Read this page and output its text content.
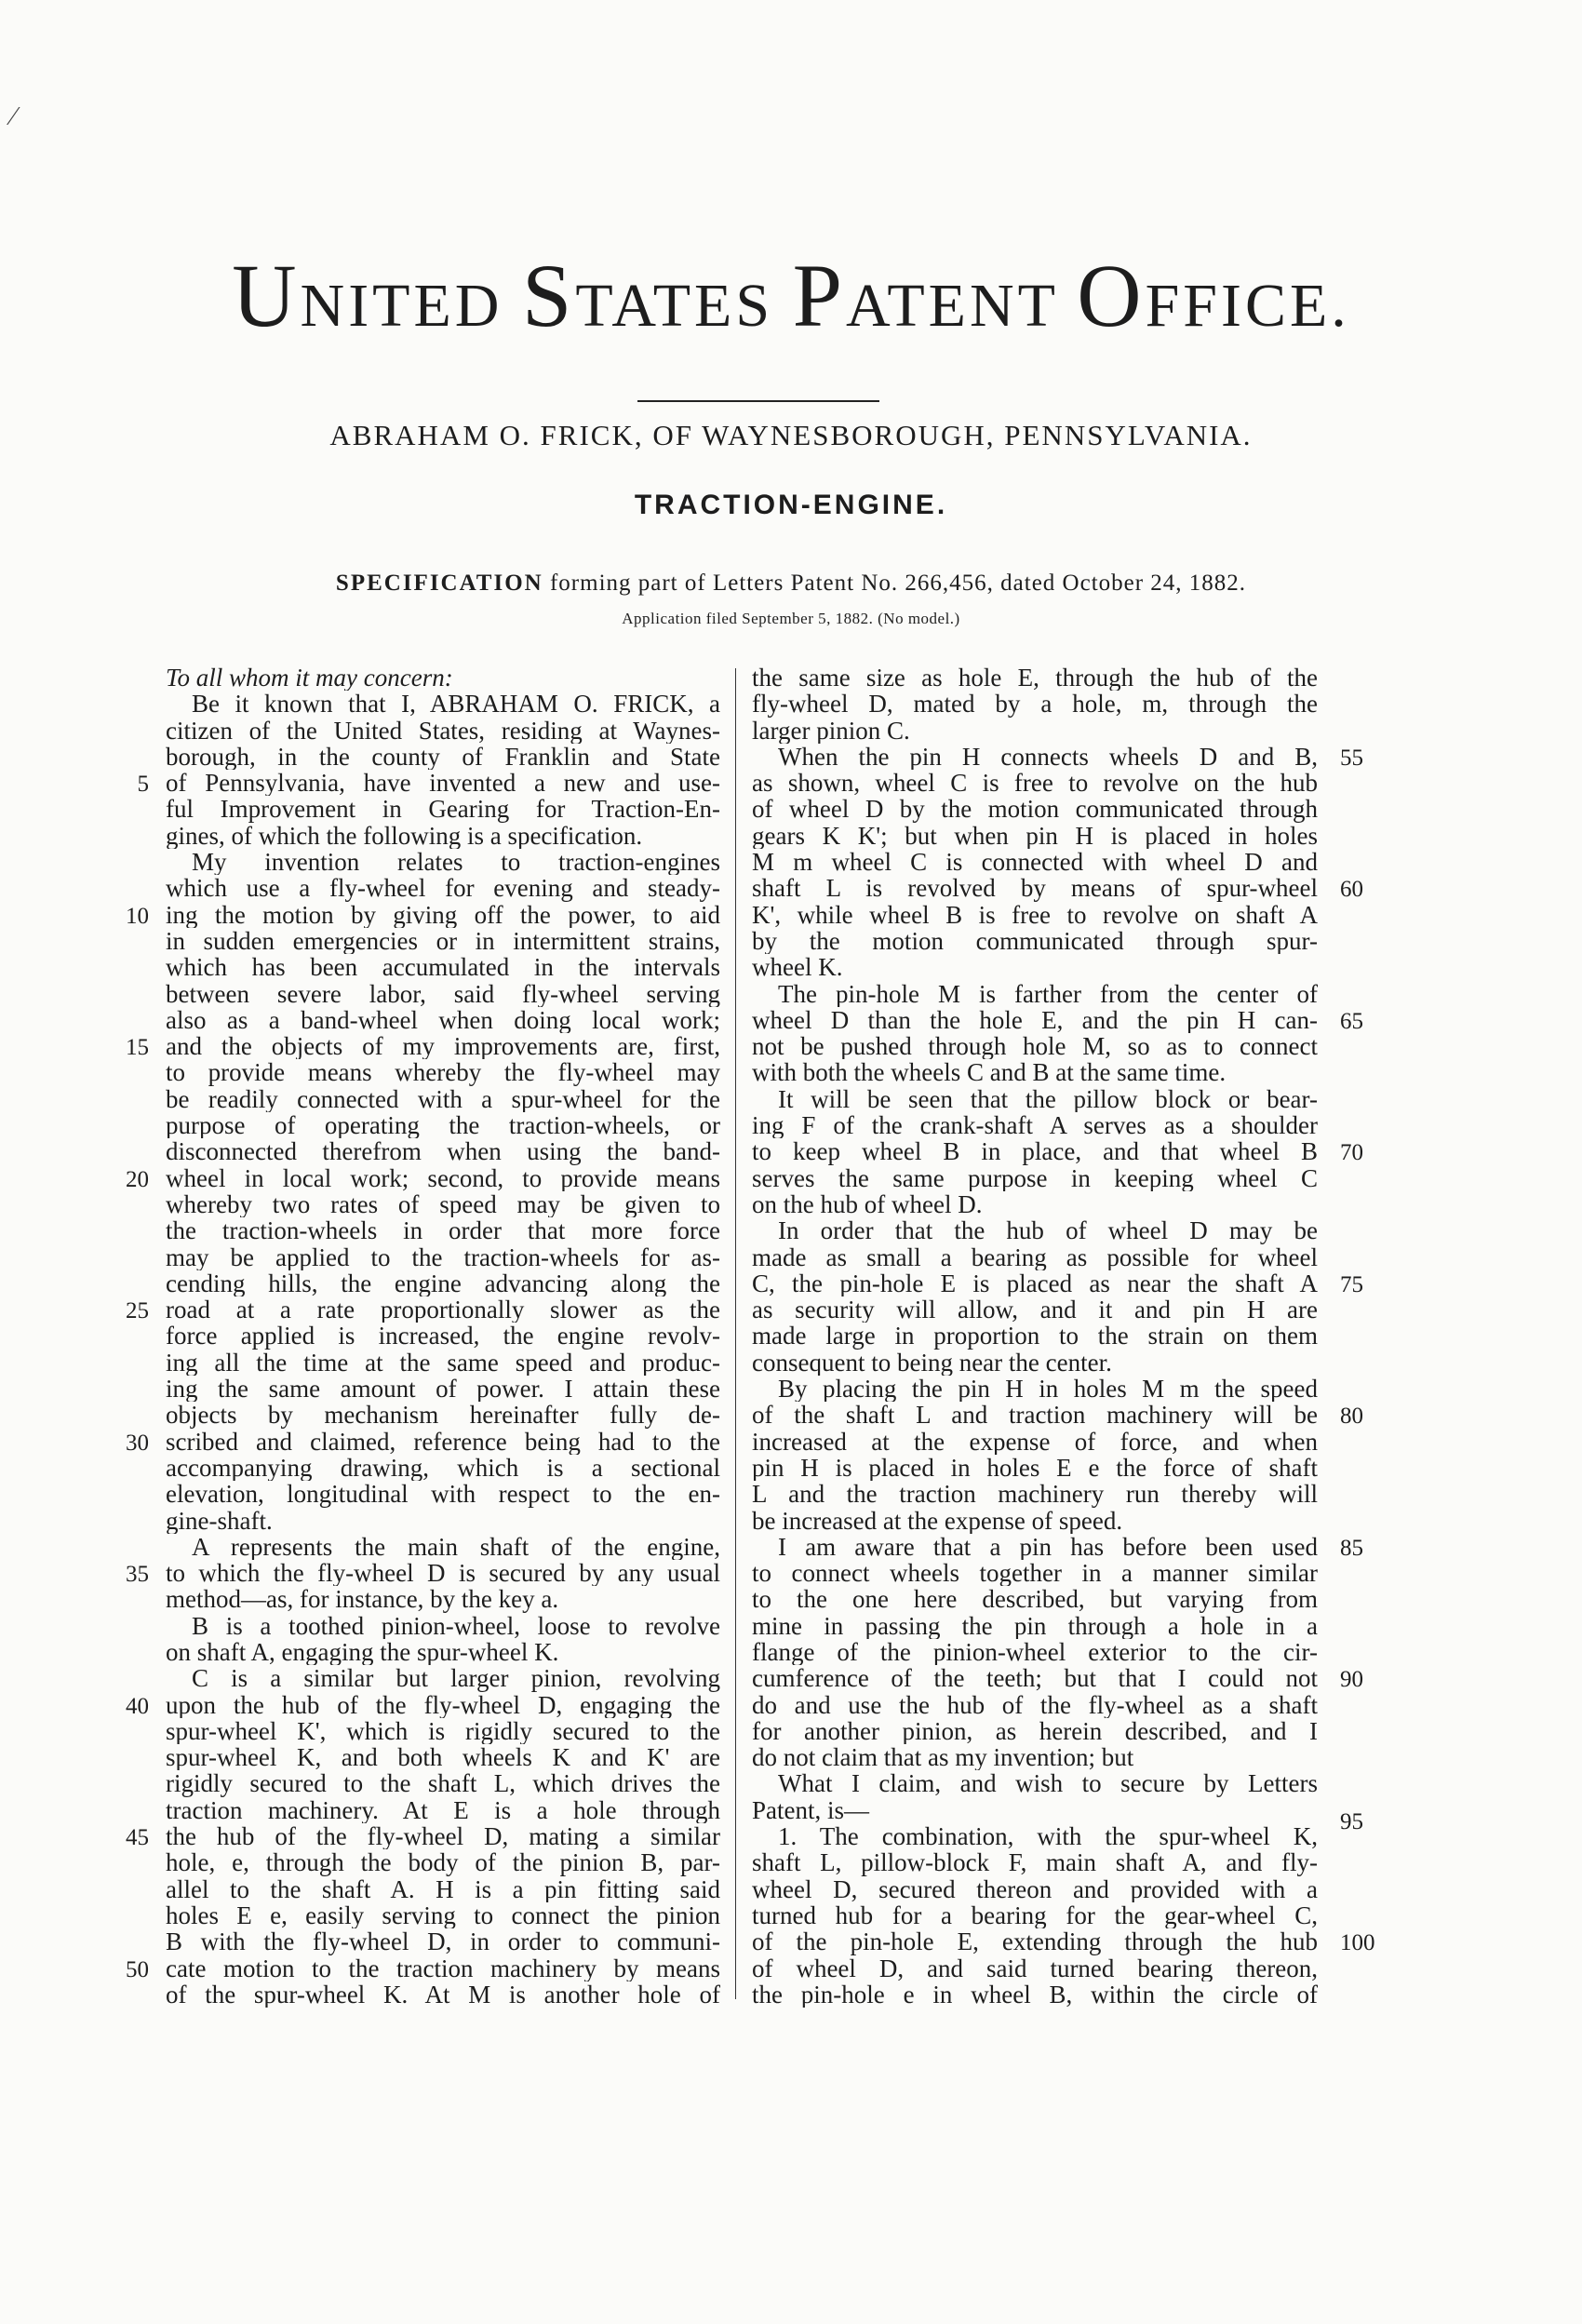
⁄
UNITED STATES PATENT OFFICE.
ABRAHAM O. FRICK, OF WAYNESBOROUGH, PENNSYLVANIA.
TRACTION-ENGINE.
SPECIFICATION forming part of Letters Patent No. 266,456, dated October 24, 1882.
Application filed September 5, 1882. (No model.)
To all whom it may concern:
Be it known that I, ABRAHAM O. FRICK, a
citizen of the United States, residing at Waynes-
borough, in the county of Franklin and State
of Pennsylvania, have invented a new and use-
ful Improvement in Gearing for Traction-En-
gines, of which the following is a specification.
My invention relates to traction-engines
which use a fly-wheel for evening and steady-
ing the motion by giving off the power, to aid
in sudden emergencies or in intermittent strains,
which has been accumulated in the intervals
between severe labor, said fly-wheel serving
also as a band-wheel when doing local work;
and the objects of my improvements are, first,
to provide means whereby the fly-wheel may
be readily connected with a spur-wheel for the
purpose of operating the traction-wheels, or
disconnected therefrom when using the band-
wheel in local work; second, to provide means
whereby two rates of speed may be given to
the traction-wheels in order that more force
may be applied to the traction-wheels for as-
cending hills, the engine advancing along the
road at a rate proportionally slower as the
force applied is increased, the engine revolv-
ing all the time at the same speed and produc-
ing the same amount of power. I attain these
objects by mechanism hereinafter fully de-
scribed and claimed, reference being had to the
accompanying drawing, which is a sectional
elevation, longitudinal with respect to the en-
gine-shaft.
A represents the main shaft of the engine,
to which the fly-wheel D is secured by any usual
method—as, for instance, by the key a.
B is a toothed pinion-wheel, loose to revolve
on shaft A, engaging the spur-wheel K.
C is a similar but larger pinion, revolving
upon the hub of the fly-wheel D, engaging the
spur-wheel K', which is rigidly secured to the
spur-wheel K, and both wheels K and K' are
rigidly secured to the shaft L, which drives the
traction machinery. At E is a hole through
the hub of the fly-wheel D, mating a similar
hole, e, through the body of the pinion B, par-
allel to the shaft A. H is a pin fitting said
holes E e, easily serving to connect the pinion
B with the fly-wheel D, in order to communi-
cate motion to the traction machinery by means
of the spur-wheel K. At M is another hole of
the same size as hole E, through the hub of the
fly-wheel D, mated by a hole, m, through the
larger pinion C.
When the pin H connects wheels D and B,
as shown, wheel C is free to revolve on the hub
of wheel D by the motion communicated through
gears K K'; but when pin H is placed in holes
M m wheel C is connected with wheel D and
shaft L is revolved by means of spur-wheel
K', while wheel B is free to revolve on shaft A
by the motion communicated through spur-
wheel K.
The pin-hole M is farther from the center of
wheel D than the hole E, and the pin H can-
not be pushed through hole M, so as to connect
with both the wheels C and B at the same time.
It will be seen that the pillow block or bear-
ing F of the crank-shaft A serves as a shoulder
to keep wheel B in place, and that wheel B
serves the same purpose in keeping wheel C
on the hub of wheel D.
In order that the hub of wheel D may be
made as small a bearing as possible for wheel
C, the pin-hole E is placed as near the shaft A
as security will allow, and it and pin H are
made large in proportion to the strain on them
consequent to being near the center.
By placing the pin H in holes M m the speed
of the shaft L and traction machinery will be
increased at the expense of force, and when
pin H is placed in holes E e the force of shaft
L and the traction machinery run thereby will
be increased at the expense of speed.
I am aware that a pin has before been used
to connect wheels together in a manner similar
to the one here described, but varying from
mine in passing the pin through a hole in a
flange of the pinion-wheel exterior to the cir-
cumference of the teeth; but that I could not
do and use the hub of the fly-wheel as a shaft
for another pinion, as herein described, and I
do not claim that as my invention; but
What I claim, and wish to secure by Letters
Patent, is—
1. The combination, with the spur-wheel K,
shaft L, pillow-block F, main shaft A, and fly-
wheel D, secured thereon and provided with a
turned hub for a bearing for the gear-wheel C,
of the pin-hole E, extending through the hub
of wheel D, and said turned bearing thereon,
the pin-hole e in wheel B, within the circle of
5
10
15
20
25
30
35
40
45
50
55
60
65
70
75
80
85
90
95
100
